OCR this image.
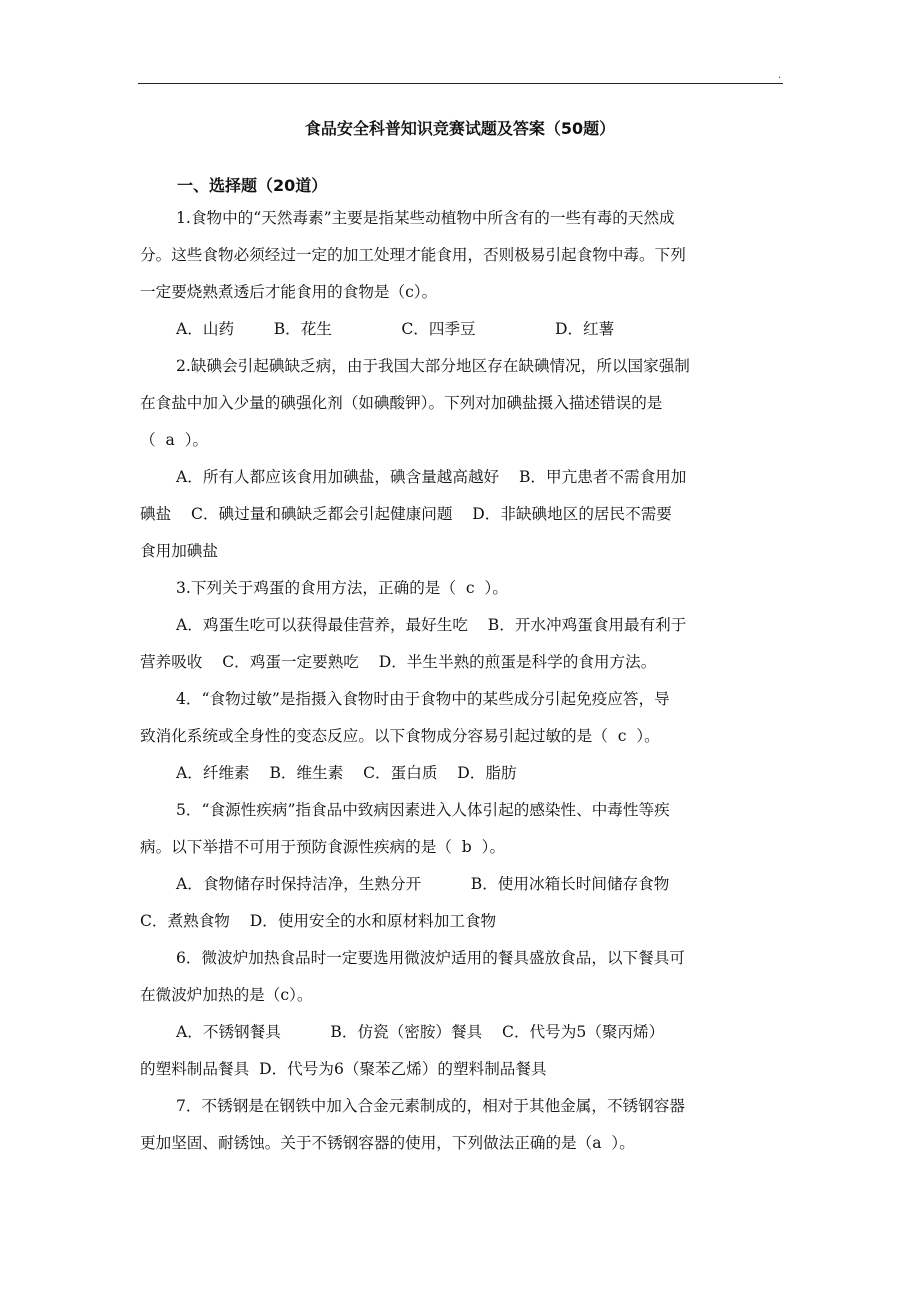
.
食品安全科普知识竞赛试题及答案（50题）
一、选择题（20道）
1.食物中的“天然毒素”主要是指某些动植物中所含有的一些有毒的天然成
分。这些食物必须经过一定的加工处理才能食用，否则极易引起食物中毒。下列
一定要烧熟煮透后才能食用的食物是（c）。
A．山药        B．花生              C．四季豆                D．红薯
2.缺碘会引起碘缺乏病，由于我国大部分地区存在缺碘情况，所以国家强制
在食盐中加入少量的碘强化剂（如碘酸钾）。下列对加碘盐摄入描述错误的是
（  a  ）。
A．所有人都应该食用加碘盐，碘含量越高越好    B．甲亢患者不需食用加
碘盐    C．碘过量和碘缺乏都会引起健康问题    D．非缺碘地区的居民不需要
食用加碘盐
3.下列关于鸡蛋的食用方法，正确的是（  c  ）。
A．鸡蛋生吃可以获得最佳营养，最好生吃    B．开水冲鸡蛋食用最有利于
营养吸收    C．鸡蛋一定要熟吃    D．半生半熟的煎蛋是科学的食用方法。
4．“食物过敏”是指摄入食物时由于食物中的某些成分引起免疫应答，导
致消化系统或全身性的变态反应。以下食物成分容易引起过敏的是（  c  ）。
A．纤维素    B．维生素    C．蛋白质    D．脂肪
5．“食源性疾病”指食品中致病因素进入人体引起的感染性、中毒性等疾
病。以下举措不可用于预防食源性疾病的是（  b  ）。
A．食物储存时保持洁净，生熟分开          B．使用冰箱长时间储存食物
C．煮熟食物    D．使用安全的水和原材料加工食物
6．微波炉加热食品时一定要选用微波炉适用的餐具盛放食品，以下餐具可
在微波炉加热的是（c）。
A．不锈钢餐具          B．仿瓷（密胺）餐具    C．代号为5（聚丙烯）
的塑料制品餐具  D．代号为6（聚苯乙烯）的塑料制品餐具
7．不锈钢是在钢铁中加入合金元素制成的，相对于其他金属，不锈钢容器
更加坚固、耐锈蚀。关于不锈钢容器的使用，下列做法正确的是（a  ）。
